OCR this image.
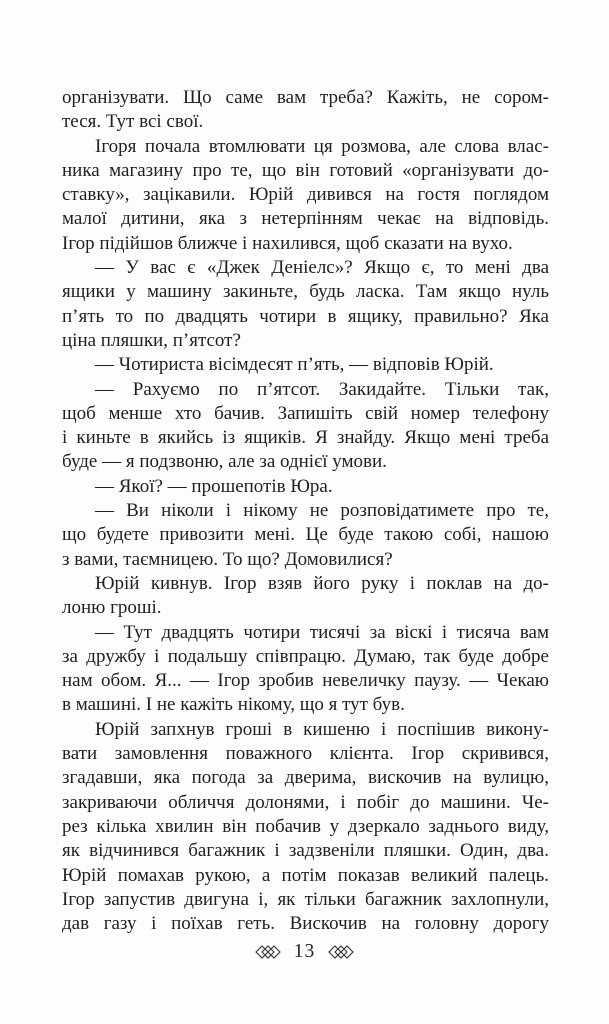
організувати. Що саме вам треба? Кажіть, не сором-
теся. Тут всі свої.
Ігоря почала втомлювати ця розмова, але слова влас-
ника магазину про те, що він готовий «організувати до-
ставку», зацікавили. Юрій дивився на гостя поглядом
малої дитини, яка з нетерпінням чекає на відповідь.
Ігор підійшов ближче і нахилився, щоб сказати на вухо.
— У вас є «Джек Деніелс»? Якщо є, то мені два
ящики у машину закиньте, будь ласка. Там якщо нуль
п’ять то по двадцять чотири в ящику, правильно? Яка
ціна пляшки, п’ятсот?
— Чотириста вісімдесят п’ять, — відповів Юрій.
— Рахуємо по п’ятсот. Закидайте. Тільки так,
щоб менше хто бачив. Запишіть свій номер телефону
і киньте в якийсь із ящиків. Я знайду. Якщо мені треба
буде — я подзвоню, але за однієї умови.
— Якої? — прошепотів Юра.
— Ви ніколи і нікому не розповідатимете про те,
що будете привозити мені. Це буде такою собі, нашою
з вами, таємницею. То що? Домовилися?
Юрій кивнув. Ігор взяв його руку і поклав на до-
лоню гроші.
— Тут двадцять чотири тисячі за віскі і тисяча вам
за дружбу і подальшу співпрацю. Думаю, так буде добре
нам обом. Я... — Ігор зробив невеличку паузу. — Чекаю
в машині. І не кажіть нікому, що я тут був.
Юрій запхнув гроші в кишеню і поспішив викону-
вати замовлення поважного клієнта. Ігор скривився,
згадавши, яка погода за дверима, вискочив на вулицю,
закриваючи обличчя долонями, і побіг до машини. Че-
рез кілька хвилин він побачив у дзеркало заднього виду,
як відчинився багажник і задзвеніли пляшки. Один, два.
Юрій помахав рукою, а потім показав великий палець.
Ігор запустив двигуна і, як тільки багажник захлопнули,
дав газу і поїхав геть. Вискочив на головну дорогу
13
